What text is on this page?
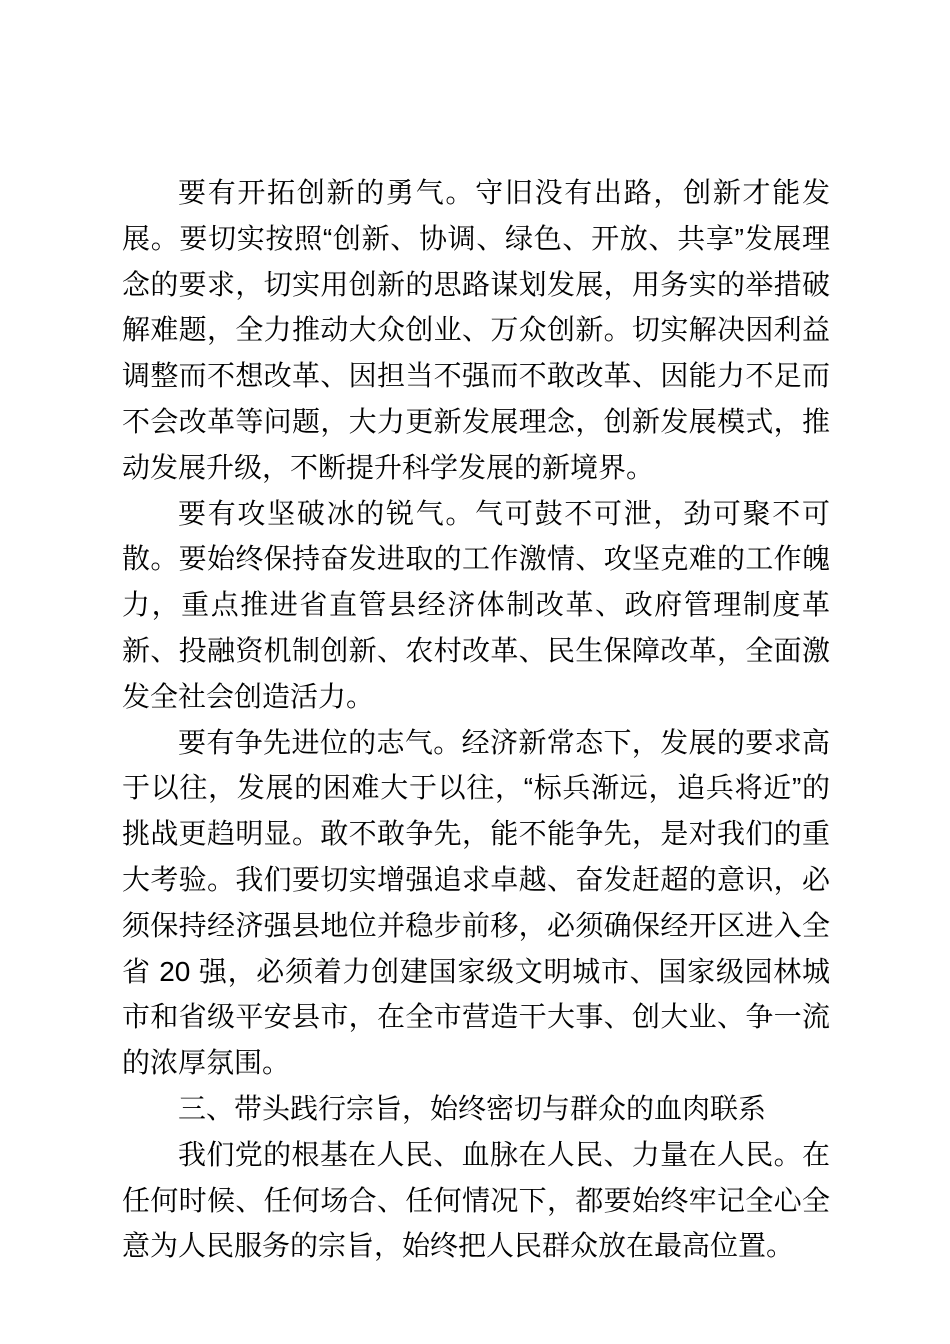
要有开拓创新的勇气。守旧没有出路，创新才能发展。要切实按照“创新、协调、绿色、开放、共享”发展理念的要求，切实用创新的思路谋划发展，用务实的举措破解难题，全力推动大众创业、万众创新。切实解决因利益调整而不想改革、因担当不强而不敢改革、因能力不足而不会改革等问题，大力更新发展理念，创新发展模式，推动发展升级，不断提升科学发展的新境界。

要有攻坚破冰的锐气。气可鼓不可泄，劲可聚不可散。要始终保持奋发进取的工作激情、攻坚克难的工作魄力，重点推进省直管县经济体制改革、政府管理制度革新、投融资机制创新、农村改革、民生保障改革，全面激发全社会创造活力。

要有争先进位的志气。经济新常态下，发展的要求高于以往，发展的困难大于以往，“标兵渐远，追兵将近”的挑战更趋明显。敢不敢争先，能不能争先，是对我们的重大考验。我们要切实增强追求卓越、奋发赶超的意识，必须保持经济强县地位并稳步前移，必须确保经开区进入全省 20 强，必须着力创建国家级文明城市、国家级园林城市和省级平安县市，在全市营造干大事、创大业、争一流的浓厚氛围。

三、带头践行宗旨，始终密切与群众的血肉联系

我们党的根基在人民、血脉在人民、力量在人民。在任何时候、任何场合、任何情况下，都要始终牢记全心全意为人民服务的宗旨，始终把人民群众放在最高位置。
